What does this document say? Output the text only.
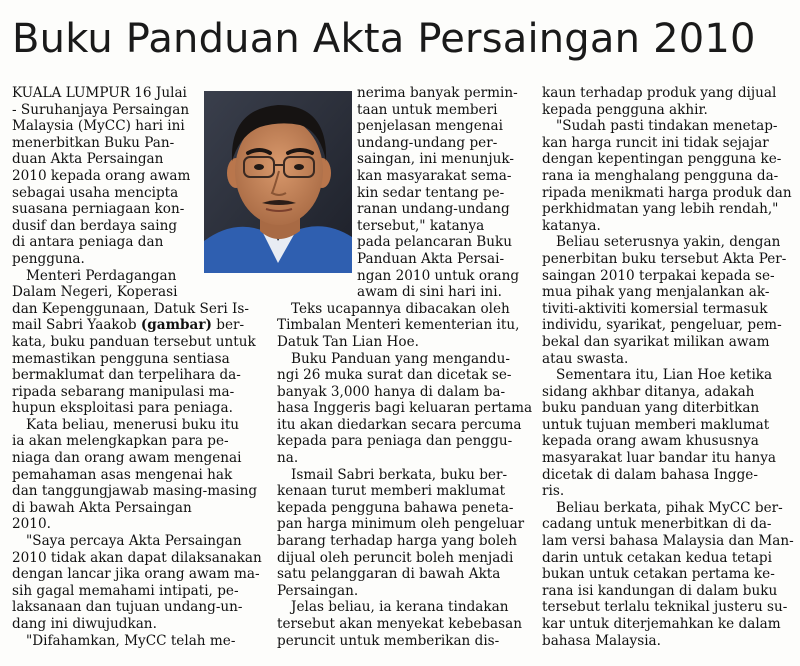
Buku Panduan Akta Persaingan 2010
KUALA LUMPUR 16 Julai
- Suruhanjaya Persaingan
Malaysia (MyCC) hari ini
menerbitkan Buku Pan-
duan Akta Persaingan
2010 kepada orang awam
sebagai usaha mencipta
suasana perniagaan kon-
dusif dan berdaya saing
di antara peniaga dan
pengguna.
Menteri Perdagangan
Dalam Negeri, Koperasi
dan Kepenggunaan, Datuk Seri Is-
mail Sabri Yaakob (gambar) ber-
kata, buku panduan tersebut untuk
memastikan pengguna sentiasa
bermaklumat dan terpelihara da-
ripada sebarang manipulasi ma-
hupun eksploitasi para peniaga.
Kata beliau, menerusi buku itu
ia akan melengkapkan para pe-
niaga dan orang awam mengenai
pemahaman asas mengenai hak
dan tanggungjawab masing-masing
di bawah Akta Persaingan
2010.
"Saya percaya Akta Persaingan
2010 tidak akan dapat dilaksanakan
dengan lancar jika orang awam ma-
sih gagal memahami intipati, pe-
laksanaan dan tujuan undang-un-
dang ini diwujudkan.
"Difahamkan, MyCC telah me-
nerima banyak permin-
taan untuk memberi
penjelasan mengenai
undang-undang per-
saingan, ini menunjuk-
kan masyarakat sema-
kin sedar tentang pe-
ranan undang-undang
tersebut," katanya
pada pelancaran Buku
Panduan Akta Persai-
ngan 2010 untuk orang
awam di sini hari ini.
Teks ucapannya dibacakan oleh
Timbalan Menteri kementerian itu,
Datuk Tan Lian Hoe.
Buku Panduan yang mengandu-
ngi 26 muka surat dan dicetak se-
banyak 3,000 hanya di dalam ba-
hasa Inggeris bagi keluaran pertama
itu akan diedarkan secara percuma
kepada para peniaga dan penggu-
na.
Ismail Sabri berkata, buku ber-
kenaan turut memberi maklumat
kepada pengguna bahawa peneta-
pan harga minimum oleh pengeluar
barang terhadap harga yang boleh
dijual oleh peruncit boleh menjadi
satu pelanggaran di bawah Akta
Persaingan.
Jelas beliau, ia kerana tindakan
tersebut akan menyekat kebebasan
peruncit untuk memberikan dis-
kaun terhadap produk yang dijual
kepada pengguna akhir.
"Sudah pasti tindakan menetap-
kan harga runcit ini tidak sejajar
dengan kepentingan pengguna ke-
rana ia menghalang pengguna da-
ripada menikmati harga produk dan
perkhidmatan yang lebih rendah,"
katanya.
Beliau seterusnya yakin, dengan
penerbitan buku tersebut Akta Per-
saingan 2010 terpakai kepada se-
mua pihak yang menjalankan ak-
tiviti-aktiviti komersial termasuk
individu, syarikat, pengeluar, pem-
bekal dan syarikat milikan awam
atau swasta.
Sementara itu, Lian Hoe ketika
sidang akhbar ditanya, adakah
buku panduan yang diterbitkan
untuk tujuan memberi maklumat
kepada orang awam khususnya
masyarakat luar bandar itu hanya
dicetak di dalam bahasa Ingge-
ris.
Beliau berkata, pihak MyCC ber-
cadang untuk menerbitkan di da-
lam versi bahasa Malaysia dan Man-
darin untuk cetakan kedua tetapi
bukan untuk cetakan pertama ke-
rana isi kandungan di dalam buku
tersebut terlalu teknikal justeru su-
kar untuk diterjemahkan ke dalam
bahasa Malaysia.
